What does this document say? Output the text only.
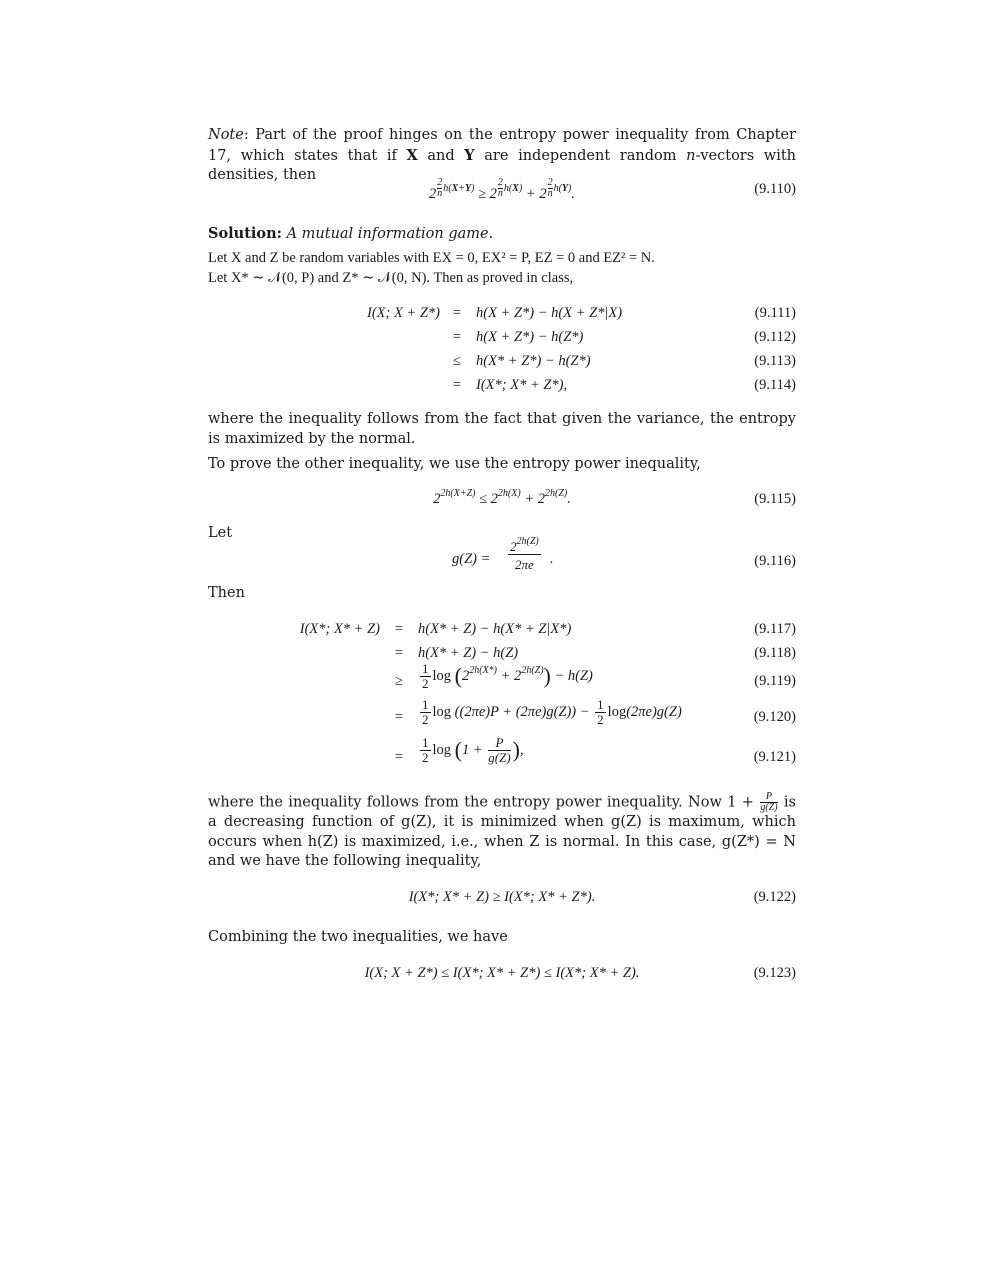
Note: Part of the proof hinges on the entropy power inequality from Chapter 17, which states that if X and Y are independent random n-vectors with densities, then

2 $^{\frac{2}{n} h(X+Y)}$ ≥ 2 $^{\frac{2}{n} h(X)}$ + 2 $^{\frac{2}{n} h(Y)}$.	(9.110)

Solution: A mutual information game.

Let X and Z be random variables with EX = 0, EX² = P, EZ = 0 and EZ² = N.
Let X* ∼ 𝒩(0, P) and Z* ∼ 𝒩(0, N). Then as proved in class,

I(X; X + Z*) =	h(X + Z*) − h(X + Z*|X)	(9.111)
=	h(X + Z*) − h(Z*)	(9.112)
≤	h(X* + Z*) − h(Z*)	(9.113)
=	I(X*; X* + Z*),	(9.114)

where the inequality follows from the fact that given the variance, the entropy is maximized by the normal.

To prove the other inequality, we use the entropy power inequality,

$2^{2h(X+Z)} \le 2^{2h(X)} + 2^{2h(Z)}$.	(9.115)

Let

$g(Z) = \frac{2^{2h(Z)}}{2\pi e}$ .	(9.116)

Then

I(X*; X* + Z)	=	h(X* + Z) − h(X* + Z|X*)	(9.117)
=	h(X* + Z) − h(Z)	(9.118)
≥	$\frac{1}{2}$ $\log (2^{2h(X*)} + 2^{2h(Z)}) - h(Z)$	(9.119)
=	$\frac{1}{2}$ $\log ((2\pi e)P + (2\pi e)g(Z)) - \frac{1}{2} \log(2\pi e)g(Z)$	(9.120)
=	$\frac{1}{2}$ $\log (1 + \frac{P}{g(Z)}$ ),	(9.121)

where the inequality follows from the entropy power inequality. Now $1 + \frac{P}{g(Z)}$ is a decreasing function of g(Z), it is minimized when g(Z) is maximum, which occurs when h(Z) is maximized, i.e., when Z is normal. In this case, g(Z*) = N and we have the following inequality,

I(X*; X* + Z) ≥ I(X*; X* + Z*).	(9.122)

Combining the two inequalities, we have

I(X; X + Z*) ≤ I(X*; X* + Z*) ≤ I(X*; X* + Z).	(9.123)
